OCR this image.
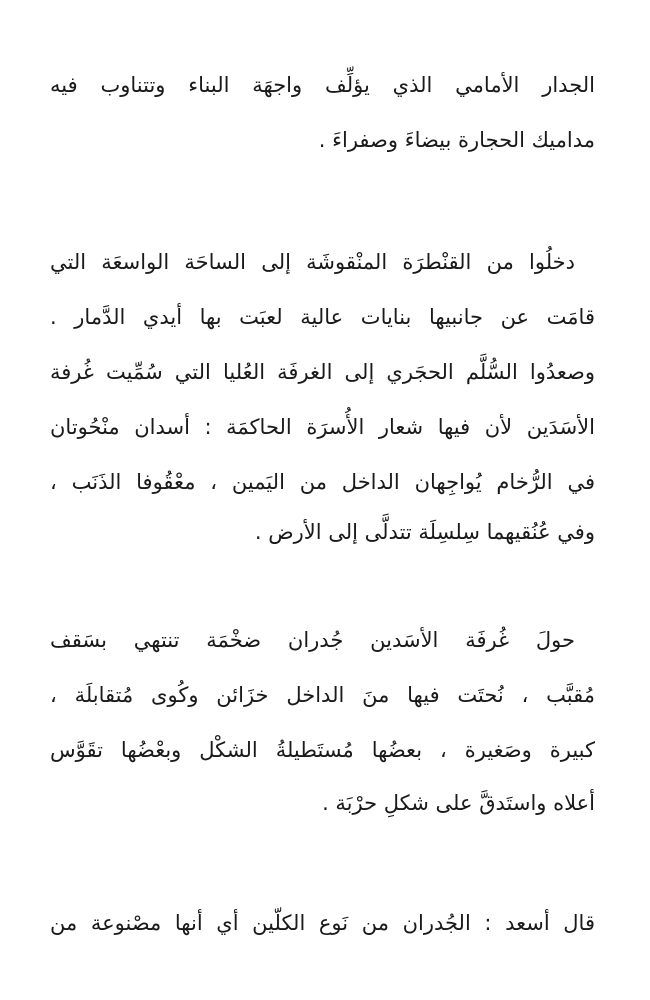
الجدار الأمامي الذي يؤلِّف واجهَة البناء وتتناوب فيه
مداميك الحجارة بيضاءَ وصفراءَ .
دخلُوا من القنْطرَة المنْقوشَة إلى الساحَة الواسعَة التي
قامَت عن جانبيها بنايات عالية لعبَت بها أيدي الدَّمار .
وصعدُوا السُّلَّم الحجَري إلى الغرفَة العُليا التي سُمِّيت غُرفة
الأسَدَين لأن فيها شعار الأُسرَة الحاكمَة : أسدان منْحُوتان
في الرُّخام يُواجِهان الداخل من اليَمين ، معْقُوفا الذَنَب ،
وفي عُنُقيهما سِلسِلَة تتدلَّى إلى الأرض .
حولَ غُرفَة الأسَدين جُدران ضخْمَة تنتهي بسَقف
مُقبَّب ، نُحتَت فيها منَ الداخل خزَائن وكُوى مُتقابلَة ،
كبيرة وصَغيرة ، بعضُها مُستَطيلةُ الشكْل وبعْضُها تقَوَّس
أعلاه واستَدقَّ على شكلِ حرْبَة .
قال أسعد : الجُدران من نَوع الكلّين أي أنها مصْنوعة من
